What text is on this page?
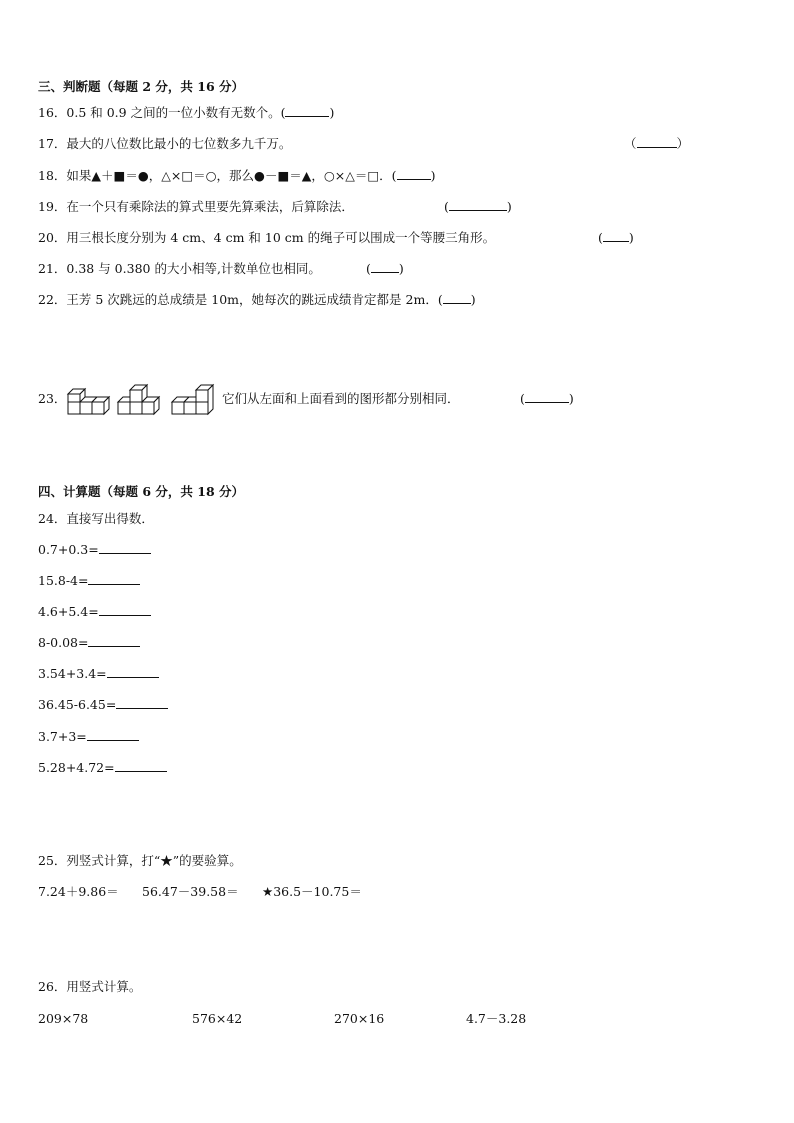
三、判断题（每题 2 分，共 16 分）
16．0.5 和 0.9 之间的一位小数有无数个。(	)
17．最大的八位数比最小的七位数多九千万。	（	）
18．如果▲＋■＝●，△×□＝○，那么●－■＝▲，○×△＝□．(	)
19．在一个只有乘除法的算式里要先算乘法，后算除法．	(	)
20．用三根长度分别为 4 cm、4 cm 和 10 cm 的绳子可以围成一个等腰三角形。	( )
21．0.38 与 0.380 的大小相等,计数单位也相同。	( )
22．王芳 5 次跳远的总成绩是 10m，她每次的跳远成绩肯定都是 2m．( )
23．	它们从左面和上面看到的图形都分别相同．	(	)
四、计算题（每题 6 分，共 18 分）
24．直接写出得数．
0.7+0.3=
15.8-4=
4.6+5.4=
8-0.08=
3.54+3.4=
36.45-6.45=
3.7+3=
5.28+4.72=
25．列竖式计算，打“★”的要验算。
7.24＋9.86＝ 56.47－39.58＝ ★36.5－10.75＝
26．用竖式计算。
209×78	576×42	270×16	4.7－3.28
